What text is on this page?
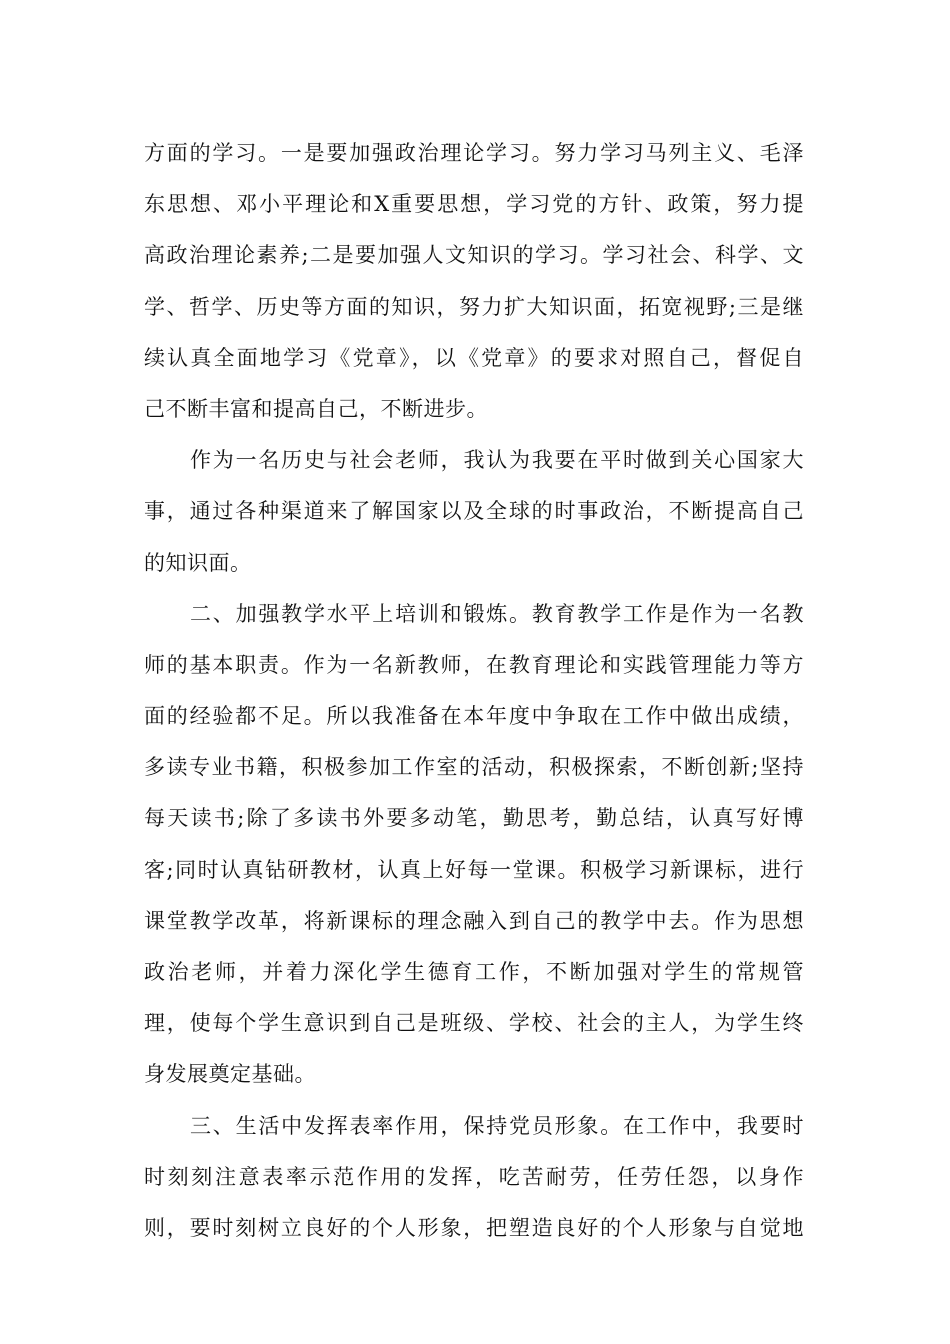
方面的学习。一是要加强政治理论学习。努力学习马列主义、毛泽
东思想、邓小平理论和X重要思想，学习党的方针、政策，努力提
高政治理论素养;二是要加强人文知识的学习。学习社会、科学、文
学、哲学、历史等方面的知识，努力扩大知识面，拓宽视野;三是继
续认真全面地学习《党章》，以《党章》的要求对照自己，督促自
己不断丰富和提高自己，不断进步。
作为一名历史与社会老师，我认为我要在平时做到关心国家大
事，通过各种渠道来了解国家以及全球的时事政治，不断提高自己
的知识面。
二、加强教学水平上培训和锻炼。教育教学工作是作为一名教
师的基本职责。作为一名新教师，在教育理论和实践管理能力等方
面的经验都不足。所以我准备在本年度中争取在工作中做出成绩，
多读专业书籍，积极参加工作室的活动，积极探索，不断创新;坚持
每天读书;除了多读书外要多动笔，勤思考，勤总结，认真写好博
客;同时认真钻研教材，认真上好每一堂课。积极学习新课标，进行
课堂教学改革，将新课标的理念融入到自己的教学中去。作为思想
政治老师，并着力深化学生德育工作，不断加强对学生的常规管
理，使每个学生意识到自己是班级、学校、社会的主人，为学生终
身发展奠定基础。
三、生活中发挥表率作用，保持党员形象。在工作中，我要时
时刻刻注意表率示范作用的发挥，吃苦耐劳，任劳任怨，以身作
则，要时刻树立良好的个人形象，把塑造良好的个人形象与自觉地
